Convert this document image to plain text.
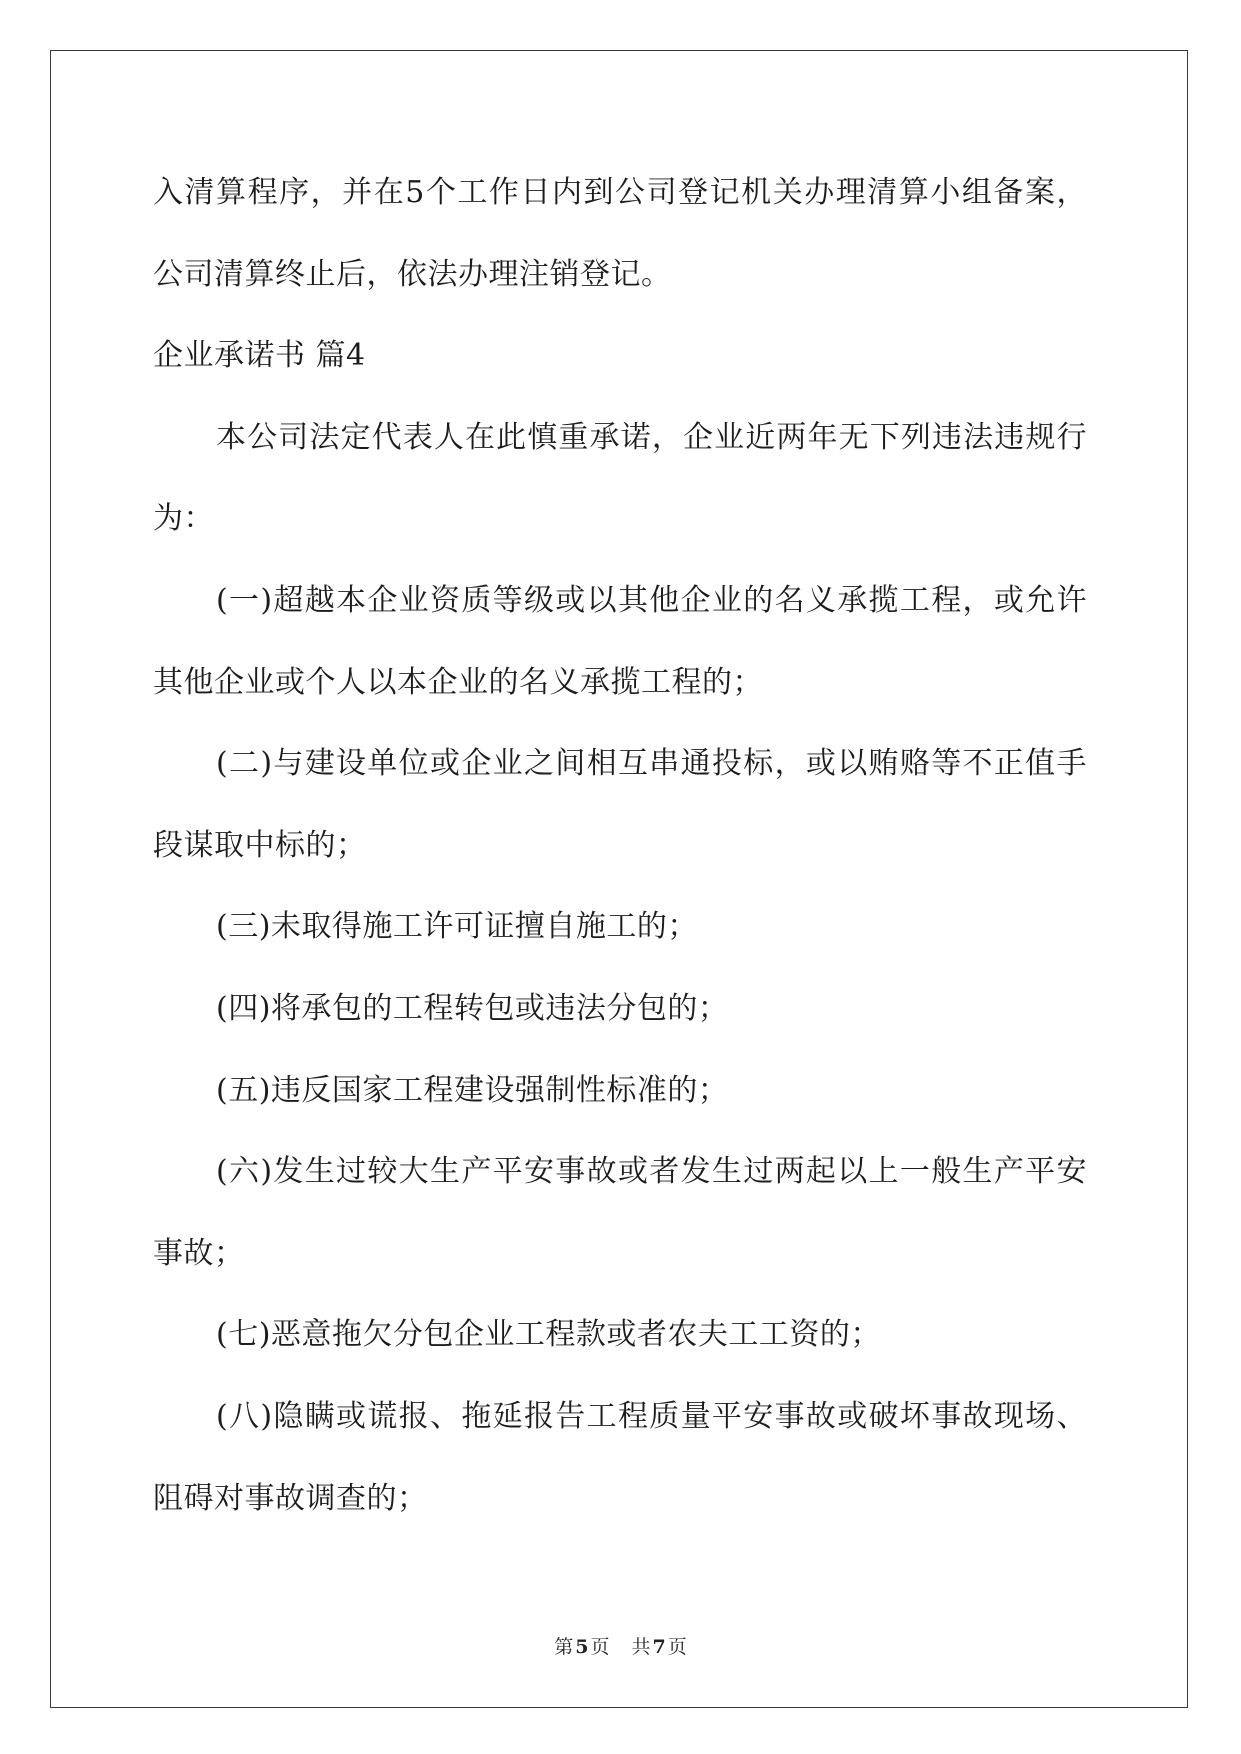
入清算程序，并在5个工作日内到公司登记机关办理清算小组备案，
公司清算终止后，依法办理注销登记。
企业承诺书 篇4
本公司法定代表人在此慎重承诺，企业近两年无下列违法违规行
为：
(一)超越本企业资质等级或以其他企业的名义承揽工程，或允许
其他企业或个人以本企业的名义承揽工程的；
(二)与建设单位或企业之间相互串通投标，或以贿赂等不正值手
段谋取中标的；
(三)未取得施工许可证擅自施工的；
(四)将承包的工程转包或违法分包的；
(五)违反国家工程建设强制性标准的；
(六)发生过较大生产平安事故或者发生过两起以上一般生产平安
事故；
(七)恶意拖欠分包企业工程款或者农夫工工资的；
(八)隐瞒或谎报、拖延报告工程质量平安事故或破坏事故现场、
阻碍对事故调查的；
第 5 页 共 7 页
